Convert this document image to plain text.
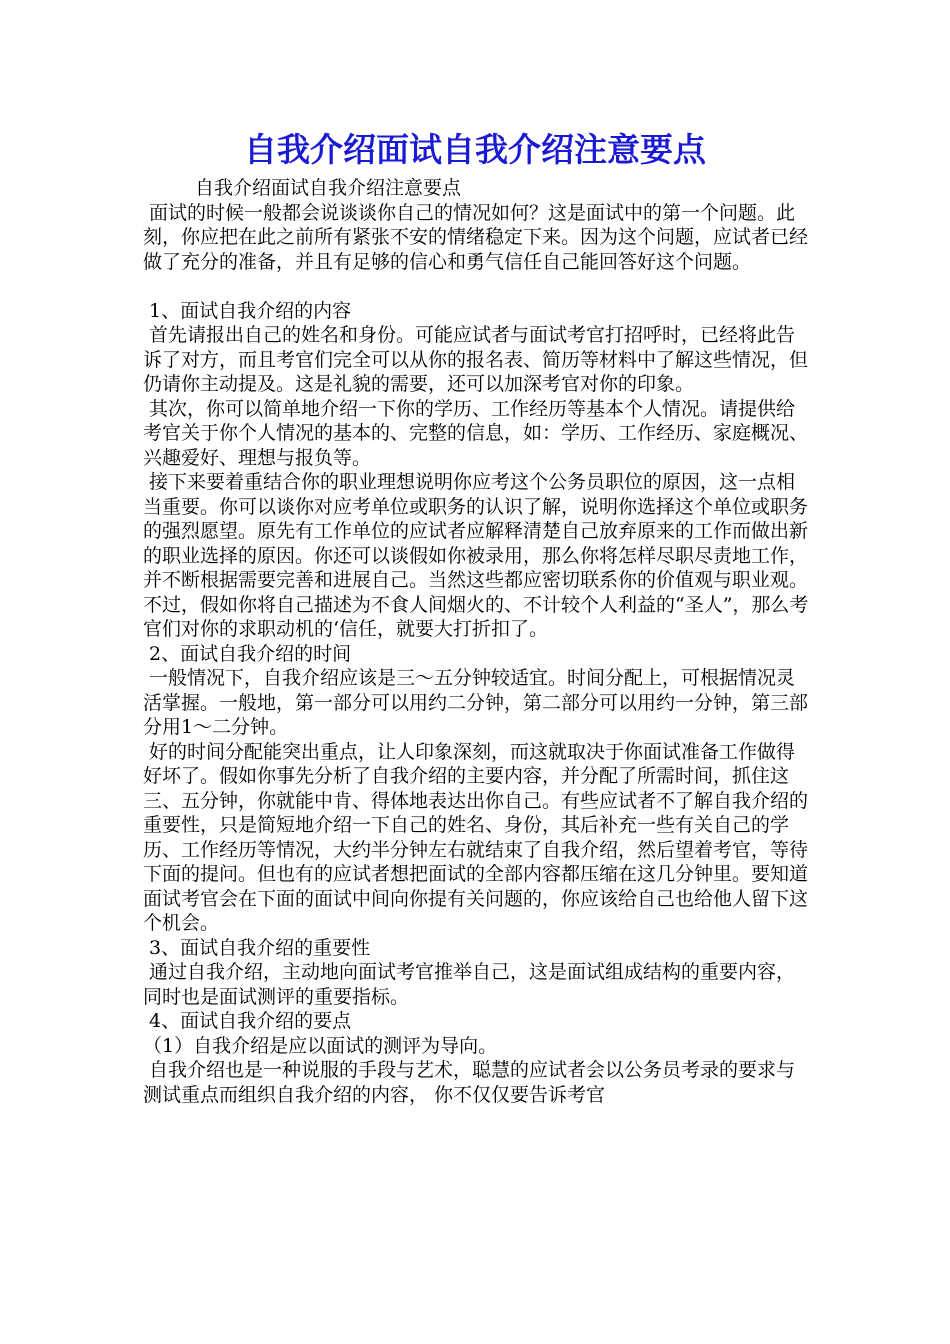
自我介绍面试自我介绍注意要点

自我介绍面试自我介绍注意要点

面试的时候一般都会说谈谈你自己的情况如何？这是面试中的第一个问题。此刻，你应把在此之前所有紧张不安的情绪稳定下来。因为这个问题，应试者已经做了充分的准备，并且有足够的信心和勇气信任自己能回答好这个问题。

1、面试自我介绍的内容

首先请报出自己的姓名和身份。可能应试者与面试考官打招呼时，已经将此告诉了对方，而且考官们完全可以从你的报名表、简历等材料中了解这些情况，但仍请你主动提及。这是礼貌的需要，还可以加深考官对你的印象。

其次，你可以简单地介绍一下你的学历、工作经历等基本个人情况。请提供给考官关于你个人情况的基本的、完整的信息，如：学历、工作经历、家庭概况、兴趣爱好、理想与报负等。

接下来要着重结合你的职业理想说明你应考这个公务员职位的原因，这一点相当重要。你可以谈你对应考单位或职务的认识了解，说明你选择这个单位或职务的强烈愿望。原先有工作单位的应试者应解释清楚自己放弃原来的工作而做出新的职业选择的原因。你还可以谈假如你被录用，那么你将怎样尽职尽责地工作，并不断根据需要完善和进展自己。当然这些都应密切联系你的价值观与职业观。不过，假如你将自己描述为不食人间烟火的、不计较个人利益的“圣人”，那么考官们对你的求职动机的‘信任，就要大打折扣了。

2、面试自我介绍的时间

一般情况下，自我介绍应该是三～五分钟较适宜。时间分配上，可根据情况灵活掌握。一般地，第一部分可以用约二分钟，第二部分可以用约一分钟，第三部分用1～二分钟。

好的时间分配能突出重点，让人印象深刻，而这就取决于你面试准备工作做得好坏了。假如你事先分析了自我介绍的主要内容，并分配了所需时间，抓住这三、五分钟，你就能中肯、得体地表达出你自己。有些应试者不了解自我介绍的重要性，只是简短地介绍一下自己的姓名、身份，其后补充一些有关自己的学历、工作经历等情况，大约半分钟左右就结束了自我介绍，然后望着考官，等待下面的提问。但也有的应试者想把面试的全部内容都压缩在这几分钟里。要知道面试考官会在下面的面试中间向你提有关问题的，你应该给自己也给他人留下这个机会。

3、面试自我介绍的重要性

通过自我介绍，主动地向面试考官推举自己，这是面试组成结构的重要内容，同时也是面试测评的重要指标。

4、面试自我介绍的要点

（1）自我介绍是应以面试的测评为导向。

自我介绍也是一种说服的手段与艺术，聪慧的应试者会以公务员考录的要求与测试重点而组织自我介绍的内容， 你不仅仅要告诉考官
